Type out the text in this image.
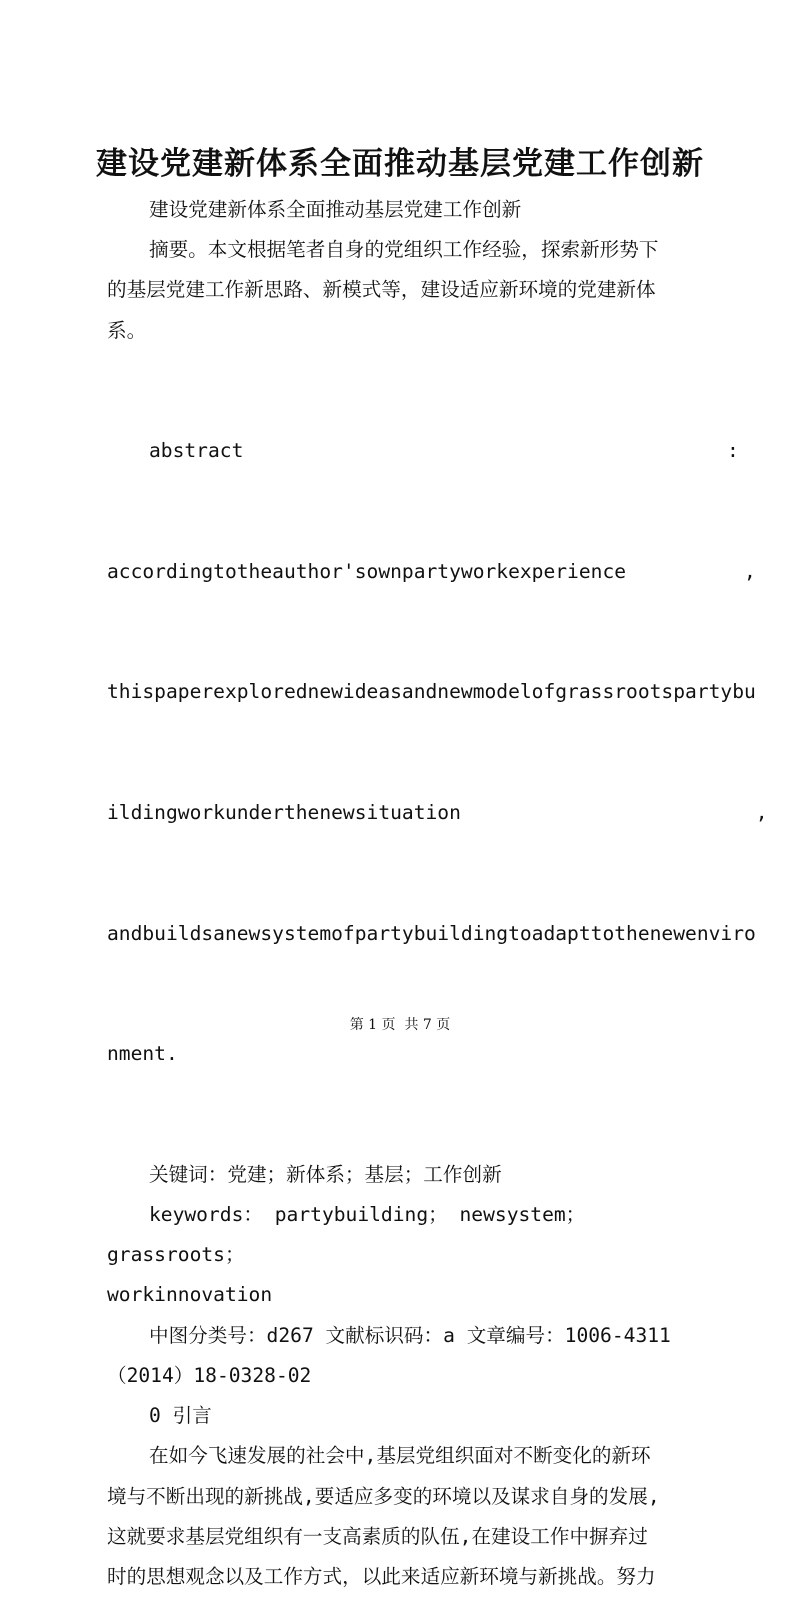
建设党建新体系全面推动基层党建工作创新
建设党建新体系全面推动基层党建工作创新
摘要。本文根据笔者自身的党组织工作经验，探索新形势下
的基层党建工作新思路、新模式等，建设适应新环境的党建新体
系。

abstract                                         :

accordingtotheauthor'sownpartyworkexperience          ,

thispaperexplorednewideasandnewmodelofgrassrootspartybu

ildingworkunderthenewsituation                         ,

andbuildsanewsystemofpartybuildingtoadapttothenewenviro

nment.

关键词：党建；新体系；基层；工作创新
keywords： partybuilding； newsystem； grassroots；
workinnovation
中图分类号：d267 文献标识码：a 文章编号：1006-4311
（2014）18-0328-02
0 引言
在如今飞速发展的社会中,基层党组织面对不断变化的新环
境与不断出现的新挑战,要适应多变的环境以及谋求自身的发展,
这就要求基层党组织有一支高素质的队伍,在建设工作中摒弃过
时的思想观念以及工作方式，以此来适应新环境与新挑战。努力
第 1 页  共 7 页
